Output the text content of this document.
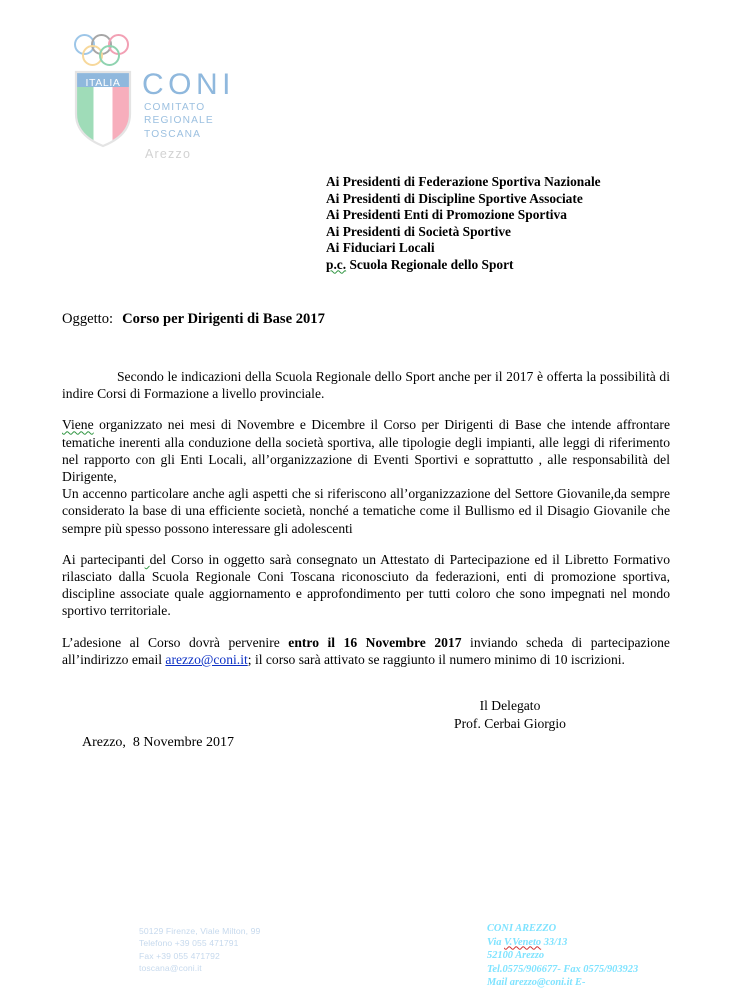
ITALIA CONI
COMITATO
REGIONALE
TOSCANA
Arezzo
Ai Presidenti di Federazione Sportiva Nazionale
Ai Presidenti di Discipline Sportive Associate
Ai Presidenti Enti di Promozione Sportiva
Ai Presidenti di Società Sportive
Ai Fiduciari Locali
p.c. Scuola Regionale dello Sport
Oggetto: Corso per Dirigenti di Base 2017

Secondo le indicazioni della Scuola Regionale dello Sport anche per il 2017 è offerta la possibilità di indire Corsi di Formazione a livello provinciale.

Viene organizzato nei mesi di Novembre e Dicembre il Corso per Dirigenti di Base che intende affrontare tematiche inerenti alla conduzione della società sportiva, alle tipologie degli impianti, alle leggi di riferimento nel rapporto con gli Enti Locali, all’organizzazione di Eventi Sportivi e soprattutto , alle responsabilità del Dirigente,

Un accenno particolare anche agli aspetti che si riferiscono all’organizzazione del Settore Giovanile,da sempre considerato la base di una efficiente società, nonché a tematiche come il Bullismo ed il Disagio Giovanile che sempre più spesso possono interessare gli adolescenti

Ai partecipanti del Corso in oggetto sarà consegnato un Attestato di Partecipazione ed il Libretto Formativo rilasciato dalla Scuola Regionale Coni Toscana riconosciuto da federazioni, enti di promozione sportiva, discipline associate quale aggiornamento e approfondimento per tutti coloro che sono impegnati nel mondo sportivo territoriale.

L’adesione al Corso dovrà pervenire entro il 16 Novembre 2017 inviando scheda di partecipazione all’indirizzo email arezzo@coni.it; il corso sarà attivato se raggiunto il numero minimo di 10 iscrizioni.

Il Delegato
Prof. Cerbai Giorgio
Arezzo, 8 Novembre 2017
50129 Firenze, Viale Milton, 99
Telefono +39 055 471791
Fax +39 055 471792
toscana@coni.it
CONI AREZZO
Via V.Veneto 33/13
52100 Arezzo
Tel.0575/906677- Fax 0575/903923
Mail arezzo@coni.it E-
